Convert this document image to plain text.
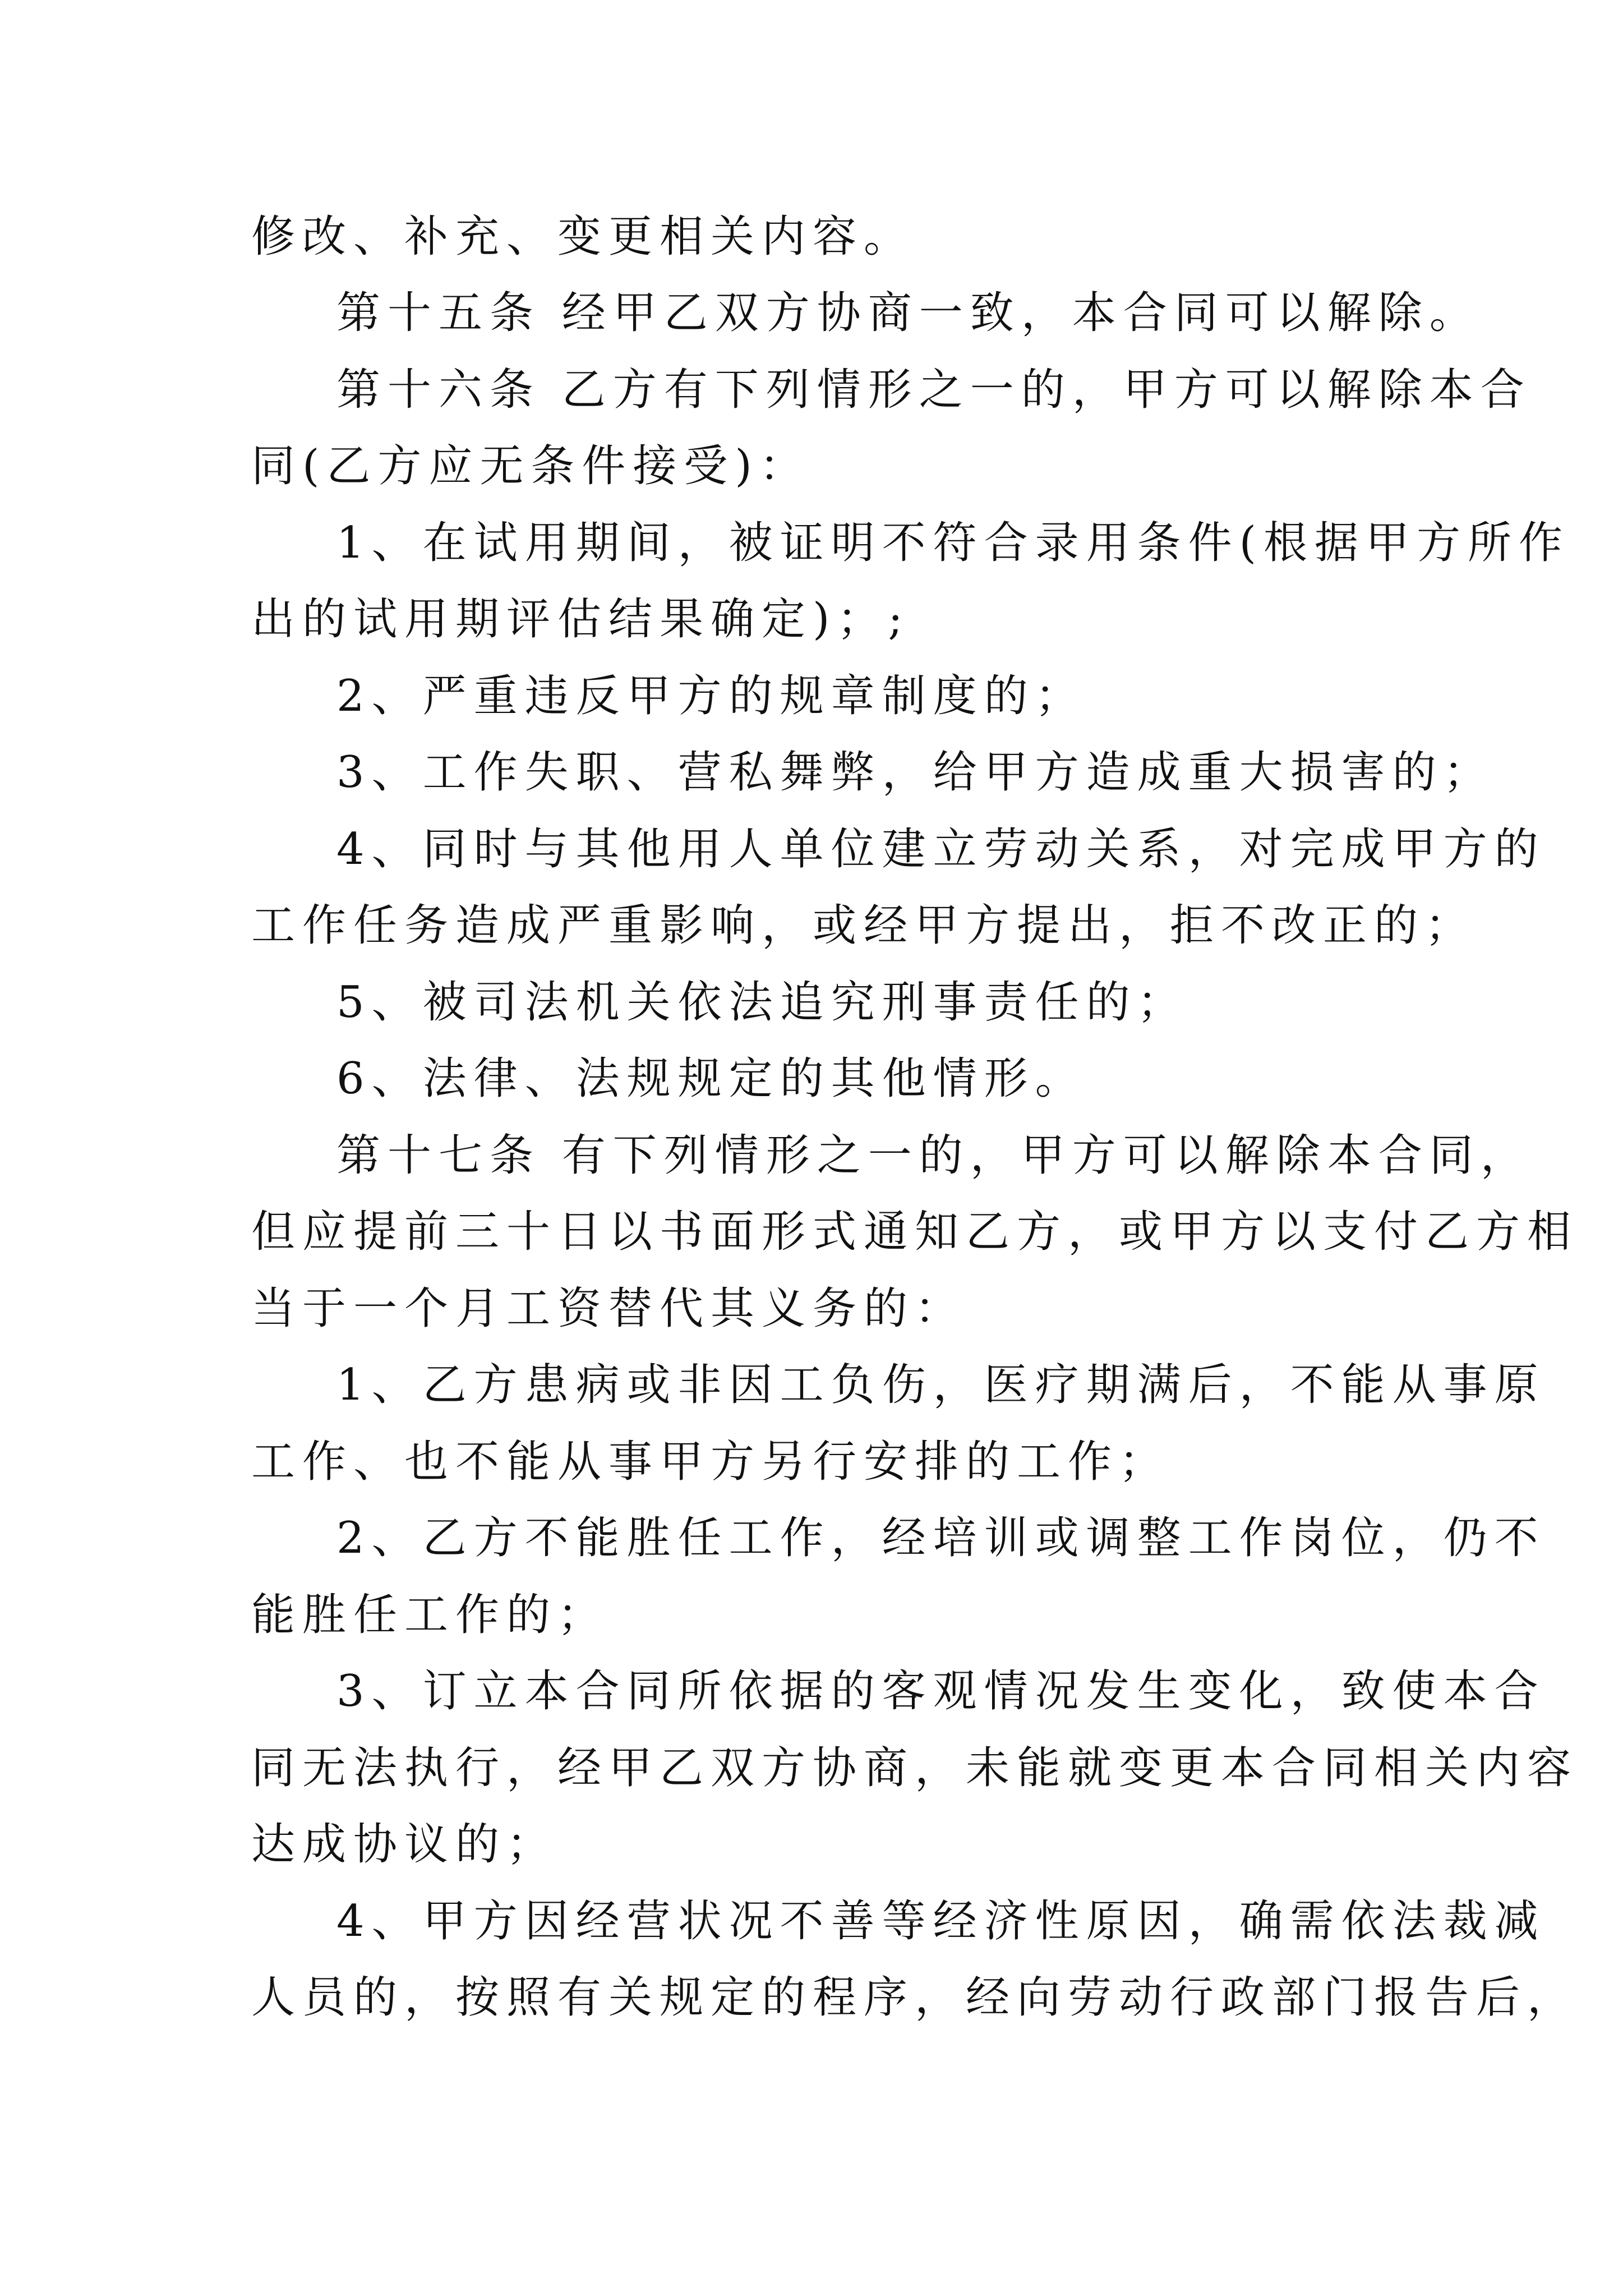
修改、补充、变更相关内容。
第十五条 经甲乙双方协商一致，本合同可以解除。
第十六条 乙方有下列情形之一的，甲方可以解除本合
同(乙方应无条件接受)：
1、在试用期间，被证明不符合录用条件(根据甲方所作
出的试用期评估结果确定)；;
2、严重违反甲方的规章制度的；
3、工作失职、营私舞弊，给甲方造成重大损害的；
4、同时与其他用人单位建立劳动关系，对完成甲方的
工作任务造成严重影响，或经甲方提出，拒不改正的；
5、被司法机关依法追究刑事责任的；
6、法律、法规规定的其他情形。
第十七条 有下列情形之一的，甲方可以解除本合同，
但应提前三十日以书面形式通知乙方，或甲方以支付乙方相
当于一个月工资替代其义务的：
1、乙方患病或非因工负伤，医疗期满后，不能从事原
工作、也不能从事甲方另行安排的工作；
2、乙方不能胜任工作，经培训或调整工作岗位，仍不
能胜任工作的；
3、订立本合同所依据的客观情况发生变化，致使本合
同无法执行，经甲乙双方协商，未能就变更本合同相关内容
达成协议的；
4、甲方因经营状况不善等经济性原因，确需依法裁减
人员的，按照有关规定的程序，经向劳动行政部门报告后，
